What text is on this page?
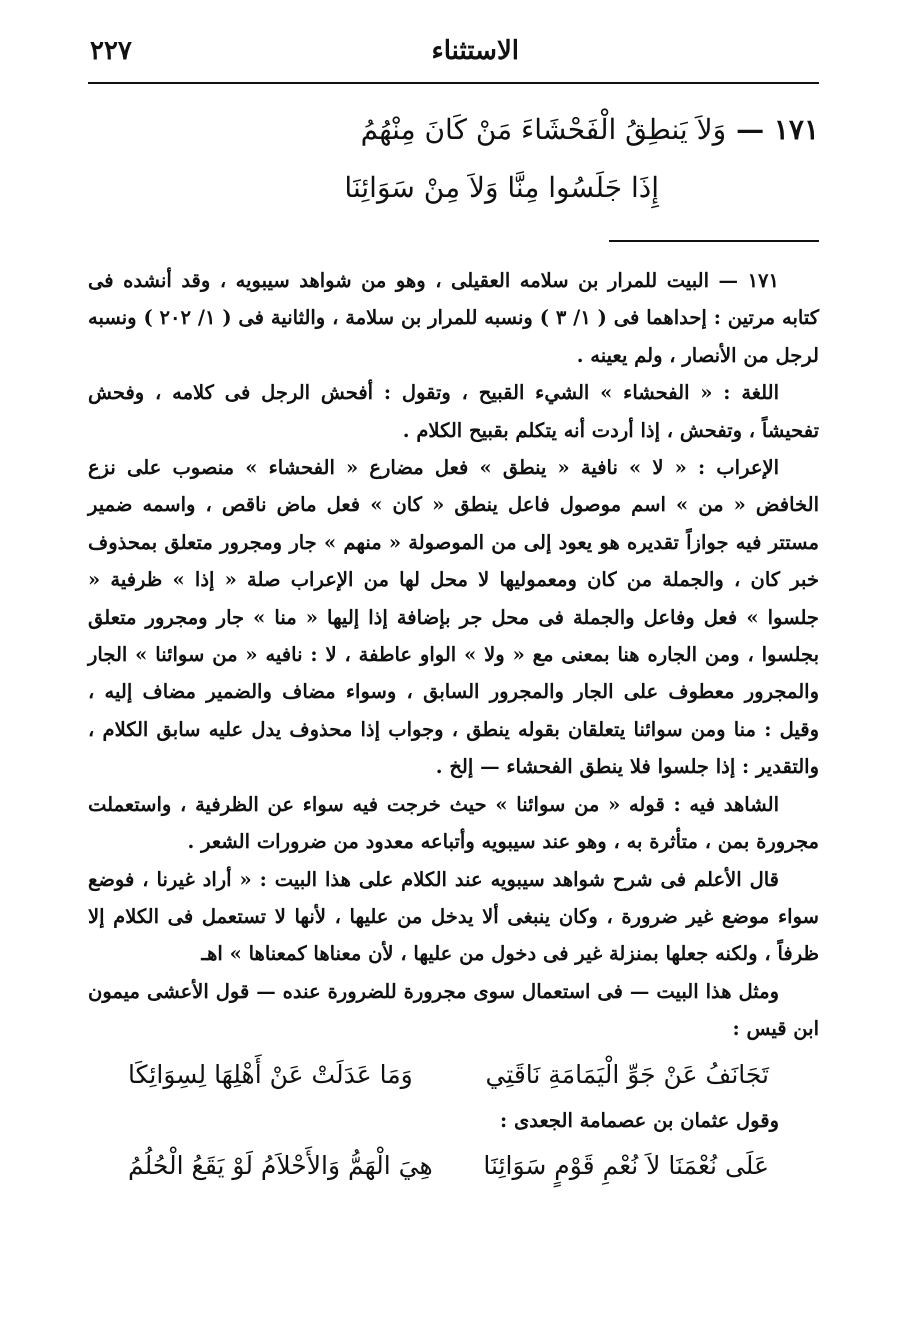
الاستثناء
٢٢٧
١٧١ —وَلاَ يَنطِقُ الْفَحْشَاءَ مَنْ كَانَ مِنْهُمُ
إِذَا جَلَسُوا مِنَّا وَلاَ مِنْ سَوَائِنَا

١٧١ — البيت للمرار بن سلامه العقيلى ، وهو من شواهد سيبويه ، وقد أنشده فى كتابه مرتين : إحداهما فى ( ١/ ٣ ) ونسبه للمرار بن سلامة ، والثانية فى ( ١/ ٢٠٢ ) ونسبه لرجل من الأنصار ، ولم يعينه .

اللغة : « الفحشاء » الشيء القبيح ، وتقول : أفحش الرجل فى كلامه ، وفحش تفحيشاً ، وتفحش ، إذا أردت أنه يتكلم بقبيح الكلام .

الإعراب : « لا » نافية « ينطق » فعل مضارع « الفحشاء » منصوب على نزع الخافض « من » اسم موصول فاعل ينطق « كان » فعل ماض ناقص ، واسمه ضمير مستتر فيه جوازاً تقديره هو يعود إلى من الموصولة « منهم » جار ومجرور متعلق بمحذوف خبر كان ، والجملة من كان ومعموليها لا محل لها من الإعراب صلة « إذا » ظرفية « جلسوا » فعل وفاعل والجملة فى محل جر بإضافة إذا إليها « منا » جار ومجرور متعلق بجلسوا ، ومن الجاره هنا بمعنى مع « ولا » الواو عاطفة ، لا : نافيه « من سوائنا » الجار والمجرور معطوف على الجار والمجرور السابق ، وسواء مضاف والضمير مضاف إليه ، وقيل : منا ومن سوائنا يتعلقان بقوله ينطق ، وجواب إذا محذوف يدل عليه سابق الكلام ، والتقدير : إذا جلسوا فلا ينطق الفحشاء — إلخ .

الشاهد فيه : قوله « من سوائنا » حيث خرجت فيه سواء عن الظرفية ، واستعملت مجرورة بمن ، متأثرة به ، وهو عند سيبويه وأتباعه معدود من ضرورات الشعر .

قال الأعلم فى شرح شواهد سيبويه عند الكلام على هذا البيت : « أراد غيرنا ، فوضع سواء موضع غير ضرورة ، وكان ينبغى ألا يدخل من عليها ، لأنها لا تستعمل فى الكلام إلا ظرفاً ، ولكنه جعلها بمنزلة غير فى دخول من عليها ، لأن معناها كمعناها » اهـ

ومثل هذا البيت — فى استعمال سوى مجرورة للضرورة عنده — قول الأعشى ميمون ابن قيس :

تَجَانَفُ عَنْ جَوِّ الْيَمَامَةِ نَاقَتِي
وَمَا عَدَلَتْ عَنْ أَهْلِهَا لِسِوَائِكَا

وقول عثمان بن عصمامة الجعدى :

عَلَى نُعْمَنَا لاَ نُعْمِ قَوْمٍ سَوَائِنَا
هِيَ الْهَمُّ وَالأَحْلاَمُ لَوْ يَقَعُ الْحُلُمُ
